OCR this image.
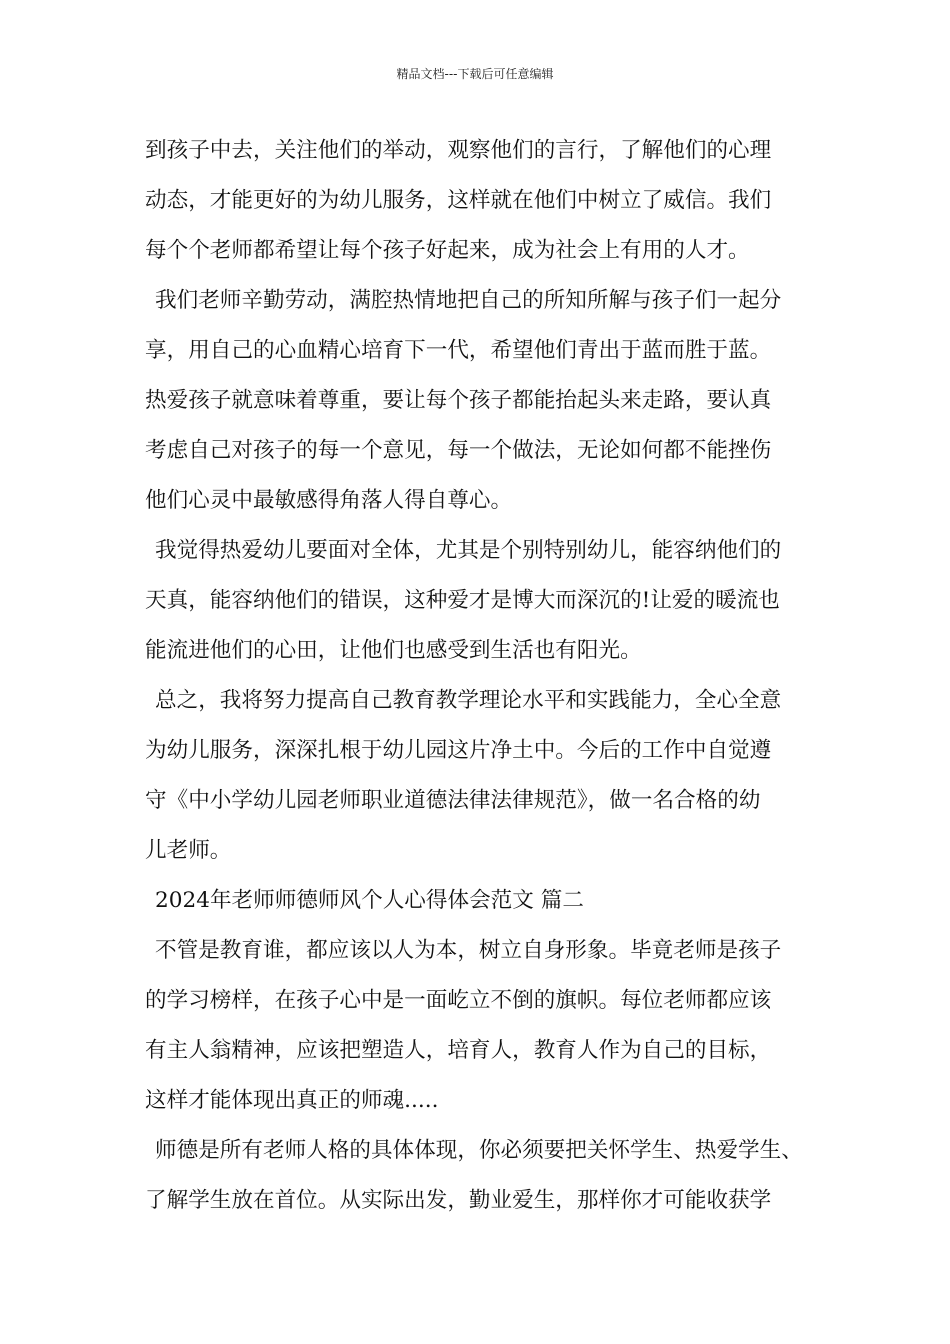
精品文档---下载后可任意编辑
到孩子中去，关注他们的举动，观察他们的言行，了解他们的心理
动态，才能更好的为幼儿服务，这样就在他们中树立了威信。我们
每个个老师都希望让每个孩子好起来，成为社会上有用的人才。
我们老师辛勤劳动，满腔热情地把自己的所知所解与孩子们一起分
享，用自己的心血精心培育下一代，希望他们青出于蓝而胜于蓝。
热爱孩子就意味着尊重，要让每个孩子都能抬起头来走路，要认真
考虑自己对孩子的每一个意见，每一个做法，无论如何都不能挫伤
他们心灵中最敏感得角落人得自尊心。
我觉得热爱幼儿要面对全体，尤其是个别特别幼儿，能容纳他们的
天真，能容纳他们的错误，这种爱才是博大而深沉的!让爱的暖流也
能流进他们的心田，让他们也感受到生活也有阳光。
总之，我将努力提高自己教育教学理论水平和实践能力，全心全意
为幼儿服务，深深扎根于幼儿园这片净土中。今后的工作中自觉遵
守《中小学幼儿园老师职业道德法律法律规范》，做一名合格的幼
儿老师。
2024年老师师德师风个人心得体会范文 篇二
不管是教育谁，都应该以人为本，树立自身形象。毕竟老师是孩子
的学习榜样，在孩子心中是一面屹立不倒的旗帜。每位老师都应该
有主人翁精神，应该把塑造人，培育人，教育人作为自己的目标，
这样才能体现出真正的师魂.....
师德是所有老师人格的具体体现，你必须要把关怀学生、热爱学生、
了解学生放在首位。从实际出发，勤业爱生，那样你才可能收获学
